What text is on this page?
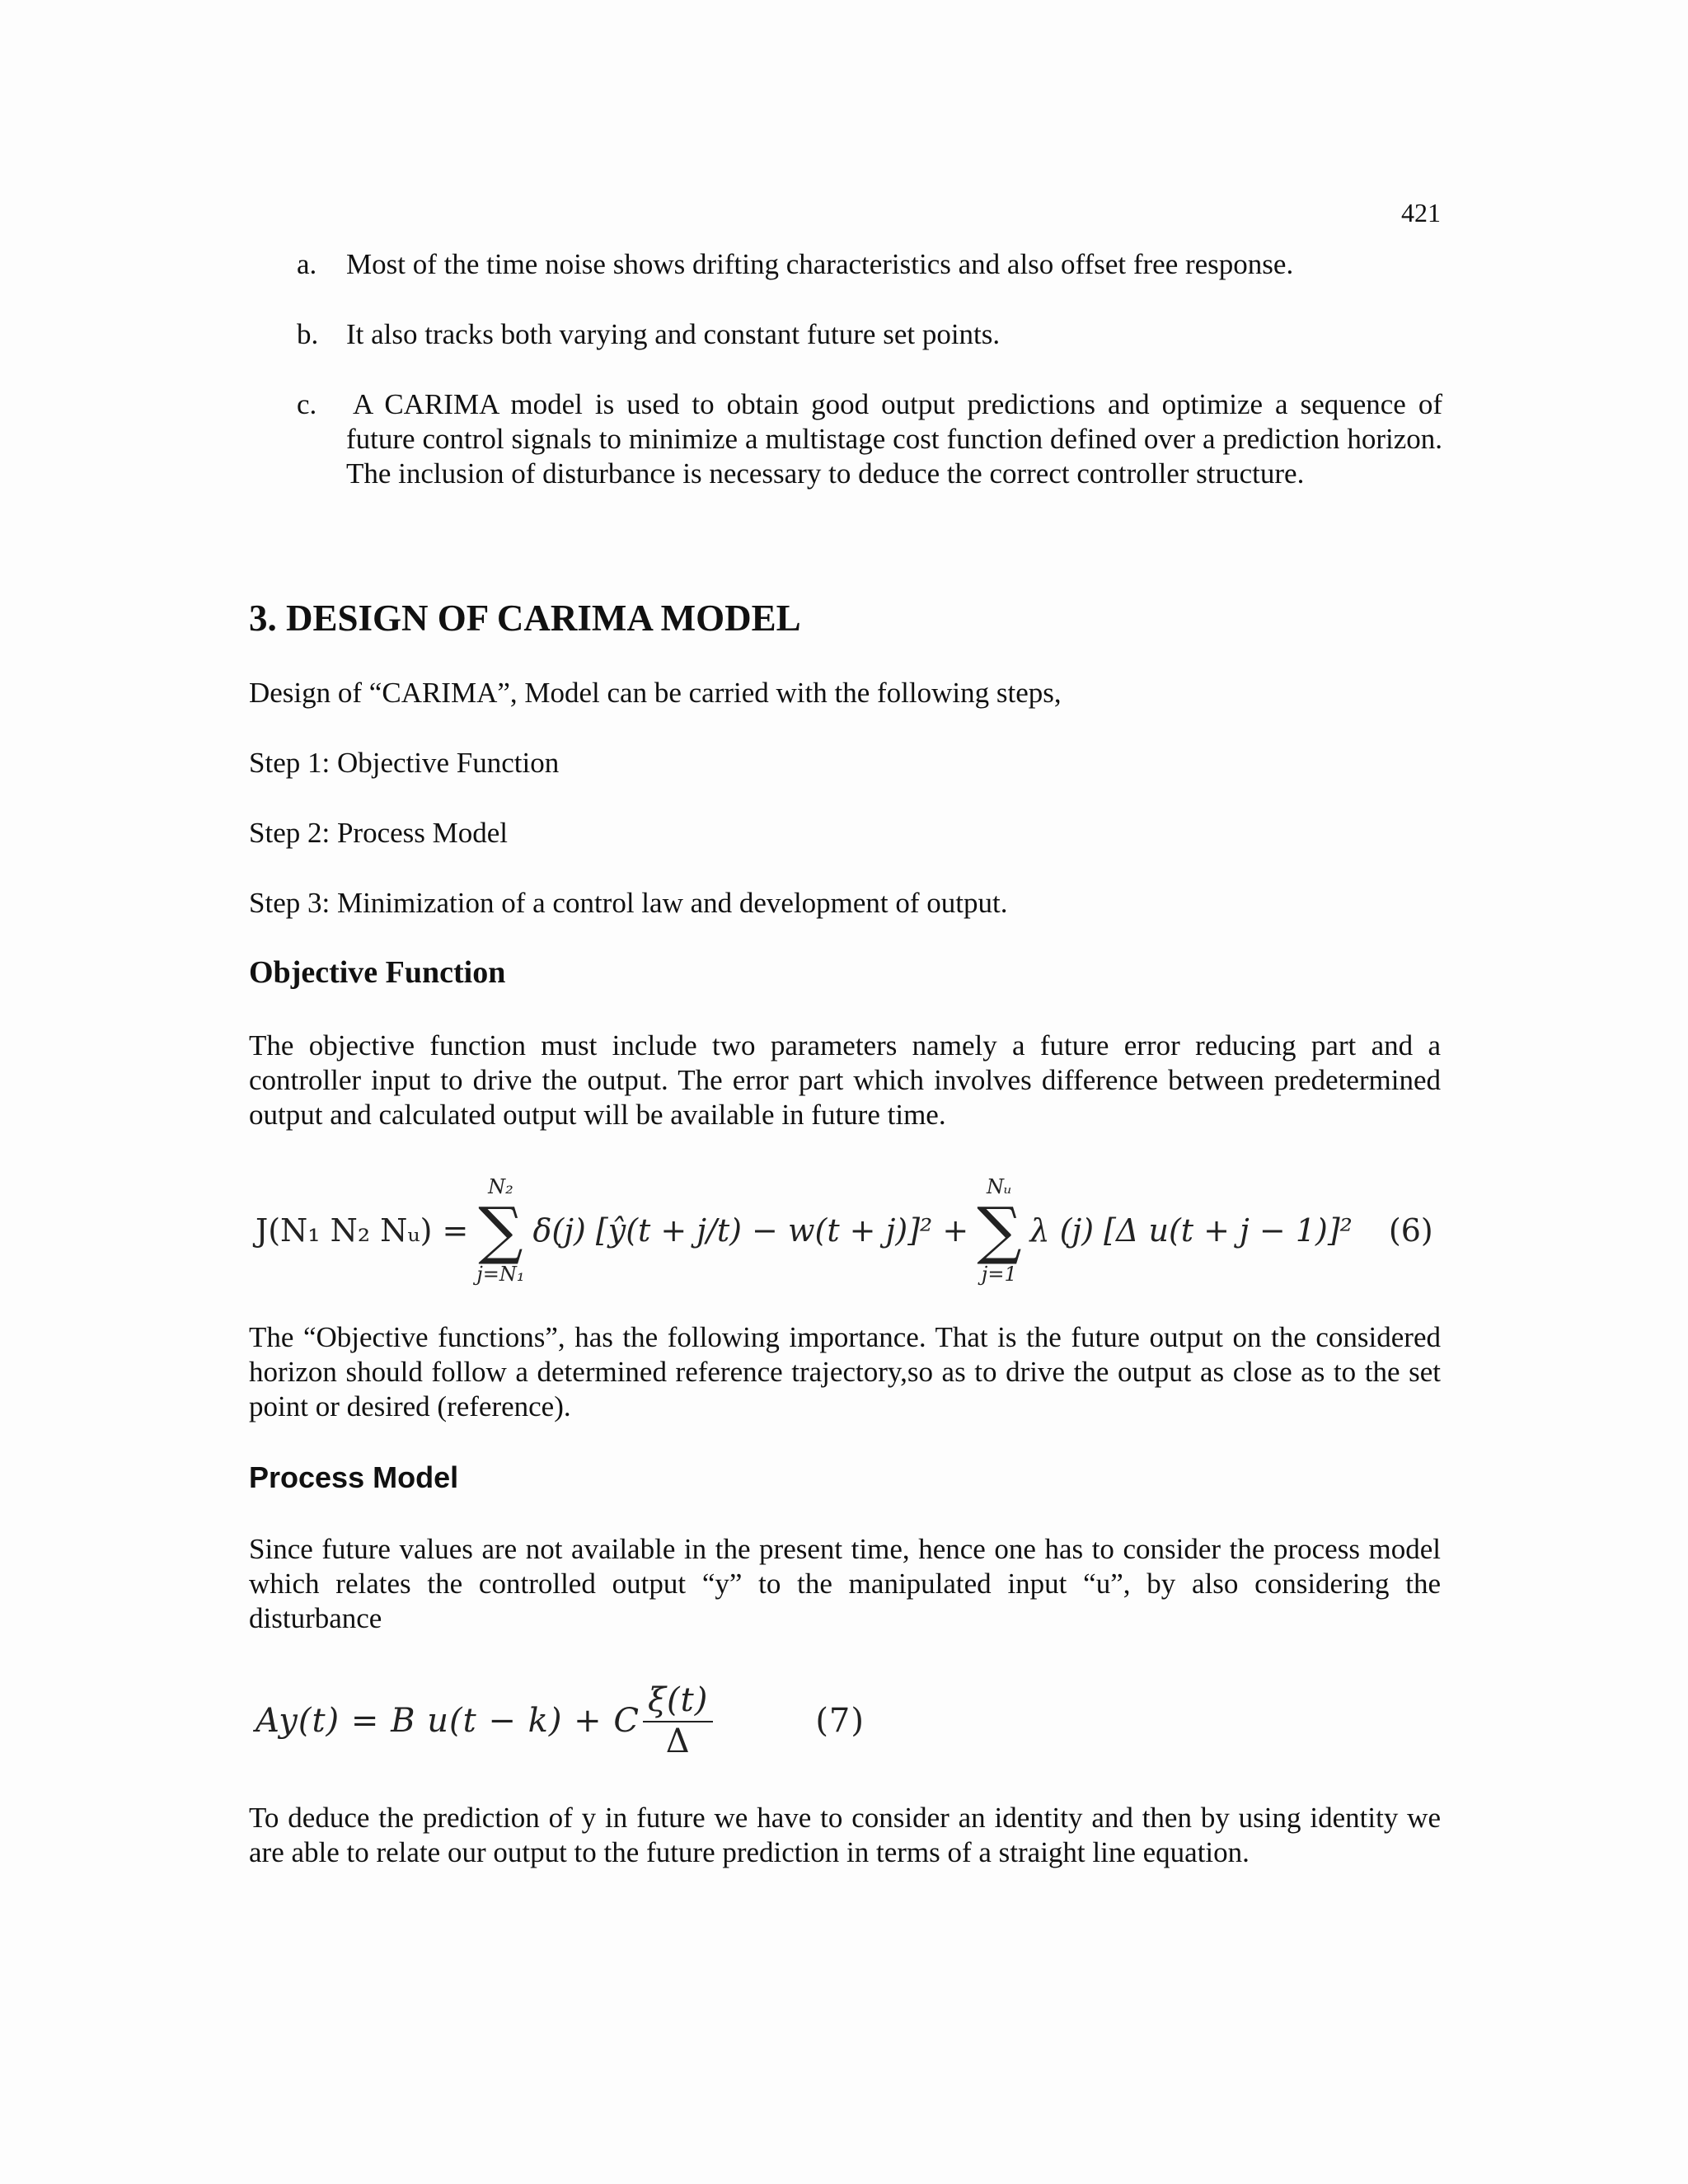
421
a. Most of the time noise shows drifting characteristics and also offset free response.
b. It also tracks both varying and constant future set points.
c. A CARIMA model is used to obtain good output predictions and optimize a sequence of future control signals to minimize a multistage cost function defined over a prediction horizon. The inclusion of disturbance is necessary to deduce the correct controller structure.
3. DESIGN OF CARIMA MODEL

Design of “CARIMA”, Model can be carried with the following steps,

Step 1: Objective Function

Step 2: Process Model

Step 3: Minimization of a control law and development of output.

Objective Function

The objective function must include two parameters namely a future error reducing part and a controller input to drive the output. The error part which involves difference between predetermined output and calculated output will be available in future time.

J(N₁ N₂ Nᵤ) =
N₂
∑
j=N₁
δ(j) [ŷ(t + j/t) − w(t + j)]² +
Nᵤ
∑
j=1
λ (j) [Δ u(t + j − 1)]² (6)

The “Objective functions”, has the following importance. That is the future output on the considered horizon should follow a determined reference trajectory,so as to drive the output as close as to the set point or desired (reference).

Process Model

Since future values are not available in the present time, hence one has to consider the process model which relates the controlled output “y” to the manipulated input “u”, by also considering the disturbance

Ay(t) = B u(t − k) + C $\frac{\xi(t)}{\Delta}$	(7)

To deduce the prediction of y in future we have to consider an identity and then by using identity we are able to relate our output to the future prediction in terms of a straight line equation.
